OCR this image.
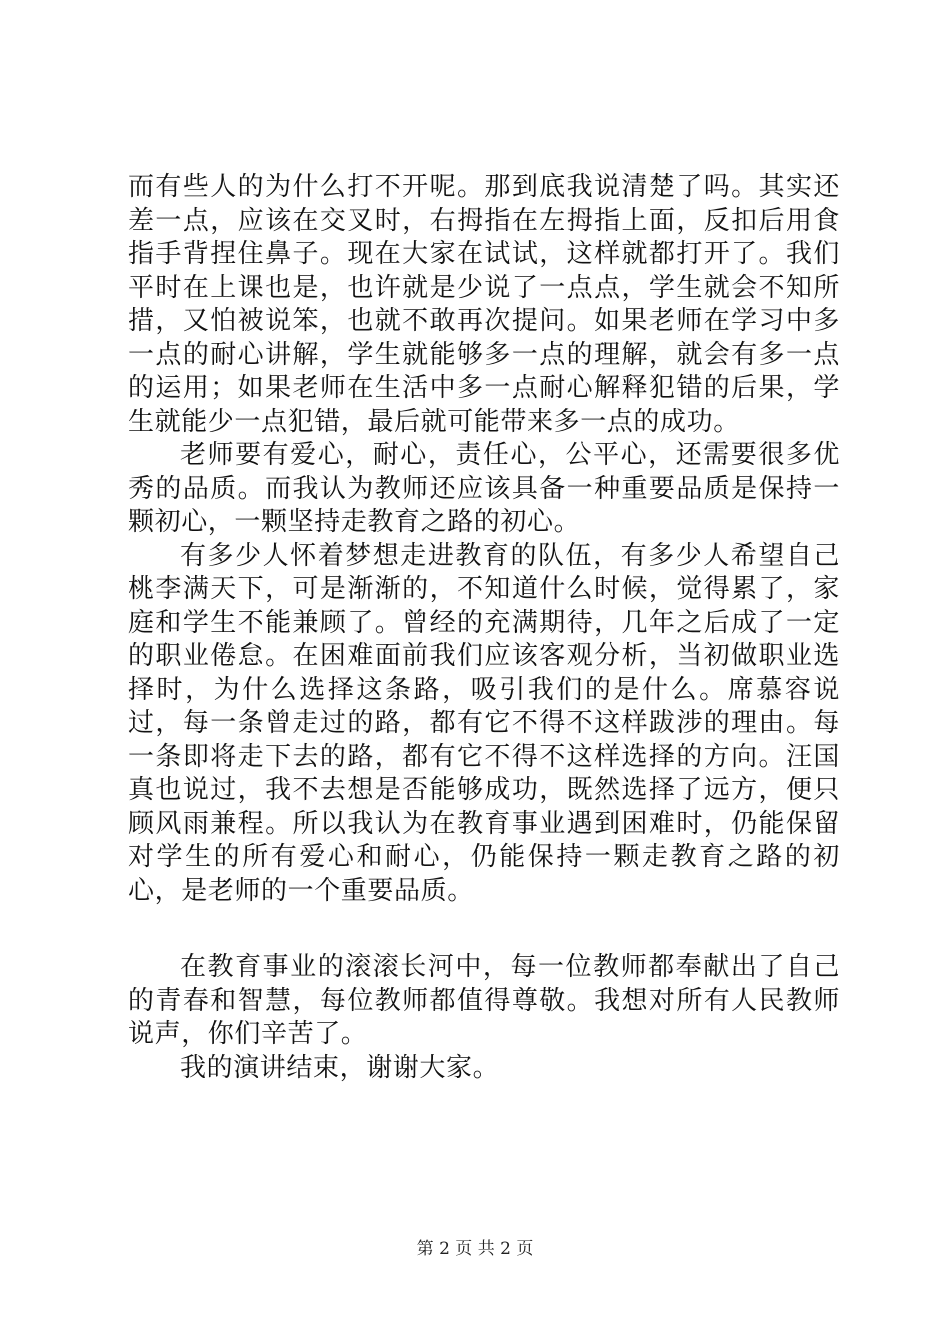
而有些人的为什么打不开呢。那到底我说清楚了吗。其实还差一点，应该在交叉时，右拇指在左拇指上面，反扣后用食指手背捏住鼻子。现在大家在试试，这样就都打开了。我们平时在上课也是，也许就是少说了一点点，学生就会不知所措，又怕被说笨，也就不敢再次提问。如果老师在学习中多一点的耐心讲解，学生就能够多一点的理解，就会有多一点的运用；如果老师在生活中多一点耐心解释犯错的后果，学生就能少一点犯错，最后就可能带来多一点的成功。

老师要有爱心，耐心，责任心，公平心，还需要很多优秀的品质。而我认为教师还应该具备一种重要品质是保持一颗初心，一颗坚持走教育之路的初心。

有多少人怀着梦想走进教育的队伍，有多少人希望自己桃李满天下，可是渐渐的，不知道什么时候，觉得累了，家庭和学生不能兼顾了。曾经的充满期待，几年之后成了一定的职业倦怠。在困难面前我们应该客观分析，当初做职业选择时，为什么选择这条路，吸引我们的是什么。席慕容说过，每一条曾走过的路，都有它不得不这样跋涉的理由。每一条即将走下去的路，都有它不得不这样选择的方向。汪国真也说过，我不去想是否能够成功，既然选择了远方，便只顾风雨兼程。所以我认为在教育事业遇到困难时，仍能保留对学生的所有爱心和耐心，仍能保持一颗走教育之路的初心，是老师的一个重要品质。

在教育事业的滚滚长河中，每一位教师都奉献出了自己的青春和智慧，每位教师都值得尊敬。我想对所有人民教师说声，你们辛苦了。

我的演讲结束，谢谢大家。

第 2 页 共 2 页
